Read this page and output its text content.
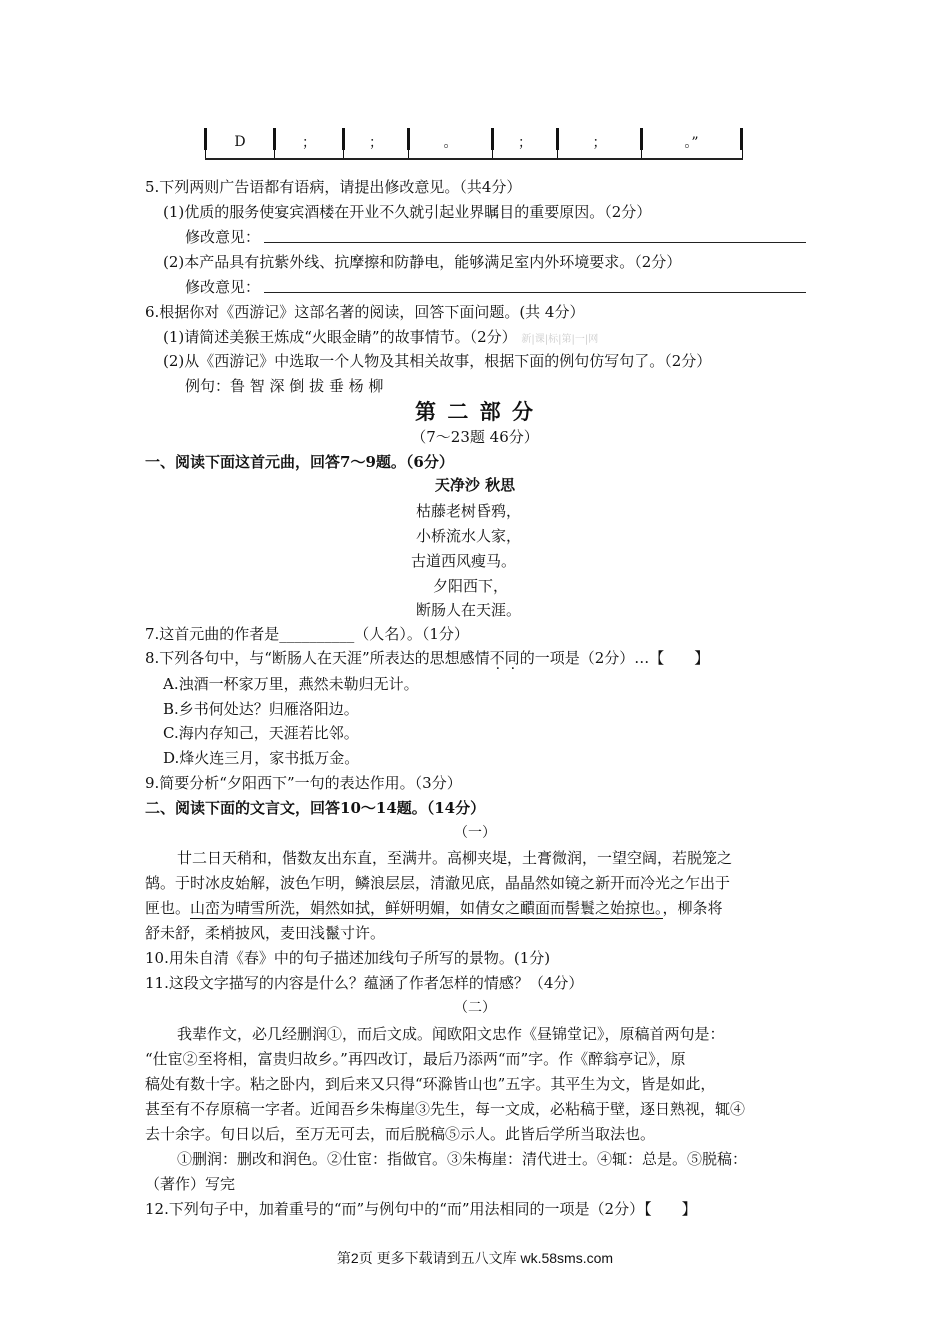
D	；	；	。	；	；	。”
5.下列两则广告语都有语病，请提出修改意见。（共4分）
(1)优质的服务使宴宾酒楼在开业不久就引起业界瞩目的重要原因。（2分）
修改意见：
(2)本产品具有抗紫外线、抗摩擦和防静电，能够满足室内外环境要求。（2分）
修改意见：
6.根据你对《西游记》这部名著的阅读，回答下面问题。(共 4分）
(1)请简述美猴王炼成“火眼金睛”的故事情节。（2分） 新|课|标|第|一|网
(2)从《西游记》中选取一个人物及其相关故事，根据下面的例句仿写句了。（2分）
例句：鲁 智 深 倒 拔 垂 杨 柳
第 二 部 分
（7～23题 46分）
一、阅读下面这首元曲，回答7～9题。（6分）
天净沙 秋思
枯藤老树昏鸦，
小桥流水人家，
古道西风瘦马。
夕阳西下，
断肠人在天涯。
7.这首元曲的作者是__________（人名）。（1分）
8.下列各句中，与“断肠人在天涯”所表达的思想感情不同的一项是（2分）…【　　】
A.浊酒一杯家万里，燕然未勒归无计。
B.乡书何处达？归雁洛阳边。
C.海内存知己，天涯若比邻。
D.烽火连三月，家书抵万金。
9.简要分析“夕阳西下”一句的表达作用。（3分）
二、阅读下面的文言文，回答10～14题。（14分）
（一）
廿二日天稍和，偕数友出东直，至满井。高柳夹堤，土膏微润，一望空阔，若脱笼之
鹄。于时冰皮始解，波色乍明，鳞浪层层，清澈见底，晶晶然如镜之新开而冷光之乍出于
匣也。山峦为晴雪所洗，娟然如拭，鲜妍明媚，如倩女之靧面而髻鬟之始掠也。，柳条将
舒未舒，柔梢披风，麦田浅鬣寸许。
10.用朱自清《春》中的句子描述加线句子所写的景物。(1分)
11.这段文字描写的内容是什么？蕴涵了作者怎样的情感？（4分）
（二）
我辈作文，必几经删润①，而后文成。闻欧阳文忠作《昼锦堂记》，原稿首两句是：
“仕宦②至将相，富贵归故乡。”再四改订，最后乃添两“而”字。作《醉翁亭记》，原
稿处有数十字。粘之卧内，到后来又只得“环滁皆山也”五字。其平生为文，皆是如此，
甚至有不存原稿一字者。近闻吾乡朱梅崖③先生，每一文成，必粘稿于壁，逐日熟视，辄④
去十余字。旬日以后，至万无可去，而后脱稿⑤示人。此皆后学所当取法也。
①删润：删改和润色。②仕宦：指做官。③朱梅崖：清代进士。④辄：总是。⑤脱稿：
（著作）写完
12.下列句子中，加着重号的“而”与例句中的“而”用法相同的一项是（2分）【　　】
第2页 更多下载请到五八文库 wk.58sms.com
